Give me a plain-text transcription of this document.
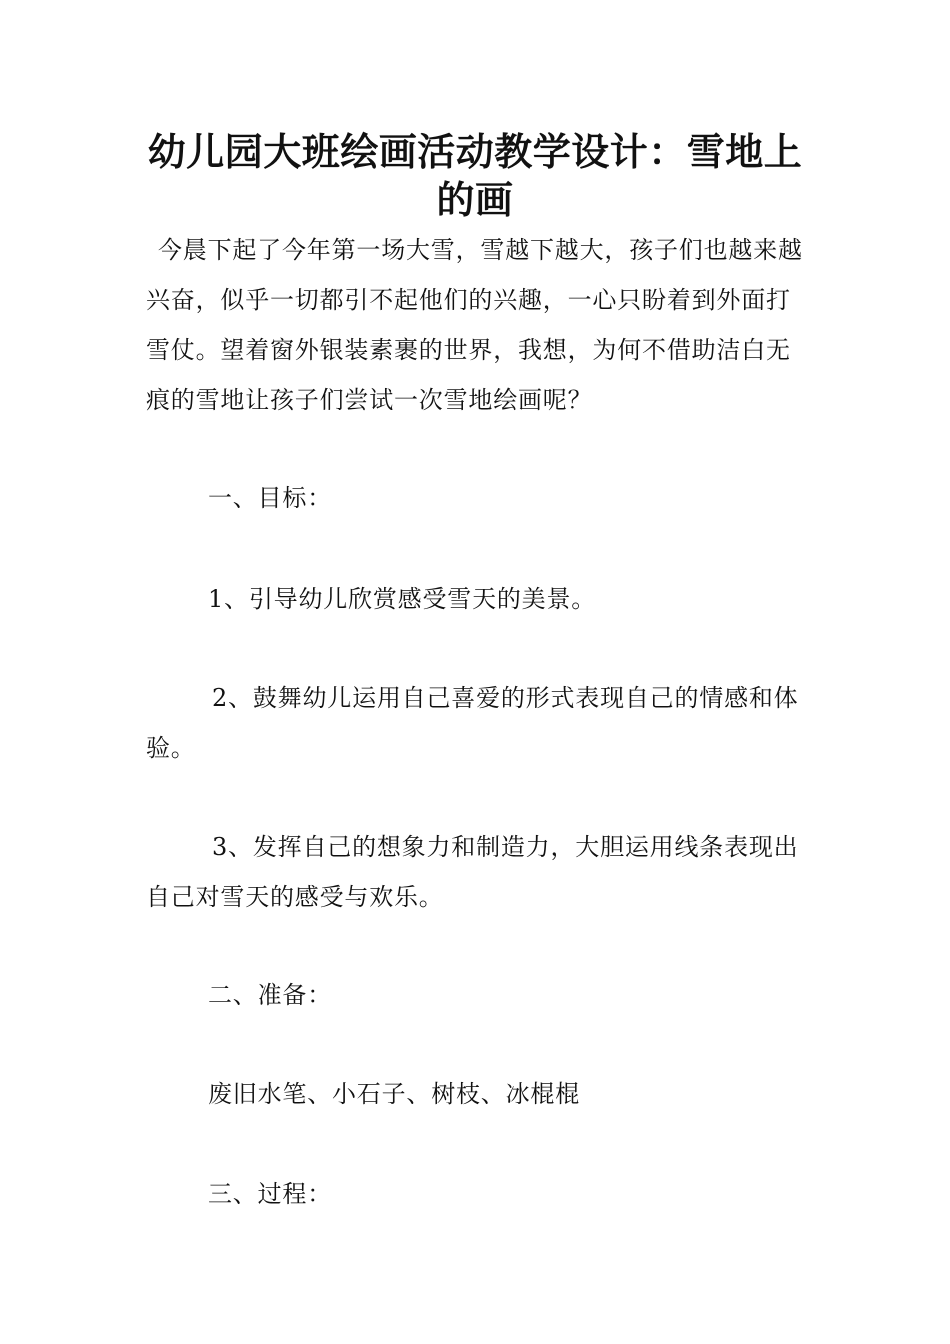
幼儿园大班绘画活动教学设计：雪地上的画

今晨下起了今年第一场大雪，雪越下越大，孩子们也越来越兴奋，似乎一切都引不起他们的兴趣，一心只盼着到外面打雪仗。望着窗外银装素裹的世界，我想，为何不借助洁白无痕的雪地让孩子们尝试一次雪地绘画呢？

一、目标：

1、引导幼儿欣赏感受雪天的美景。

2、鼓舞幼儿运用自己喜爱的形式表现自己的情感和体验。

3、发挥自己的想象力和制造力，大胆运用线条表现出自己对雪天的感受与欢乐。

二、准备：

废旧水笔、小石子、树枝、冰棍棍

三、过程：
